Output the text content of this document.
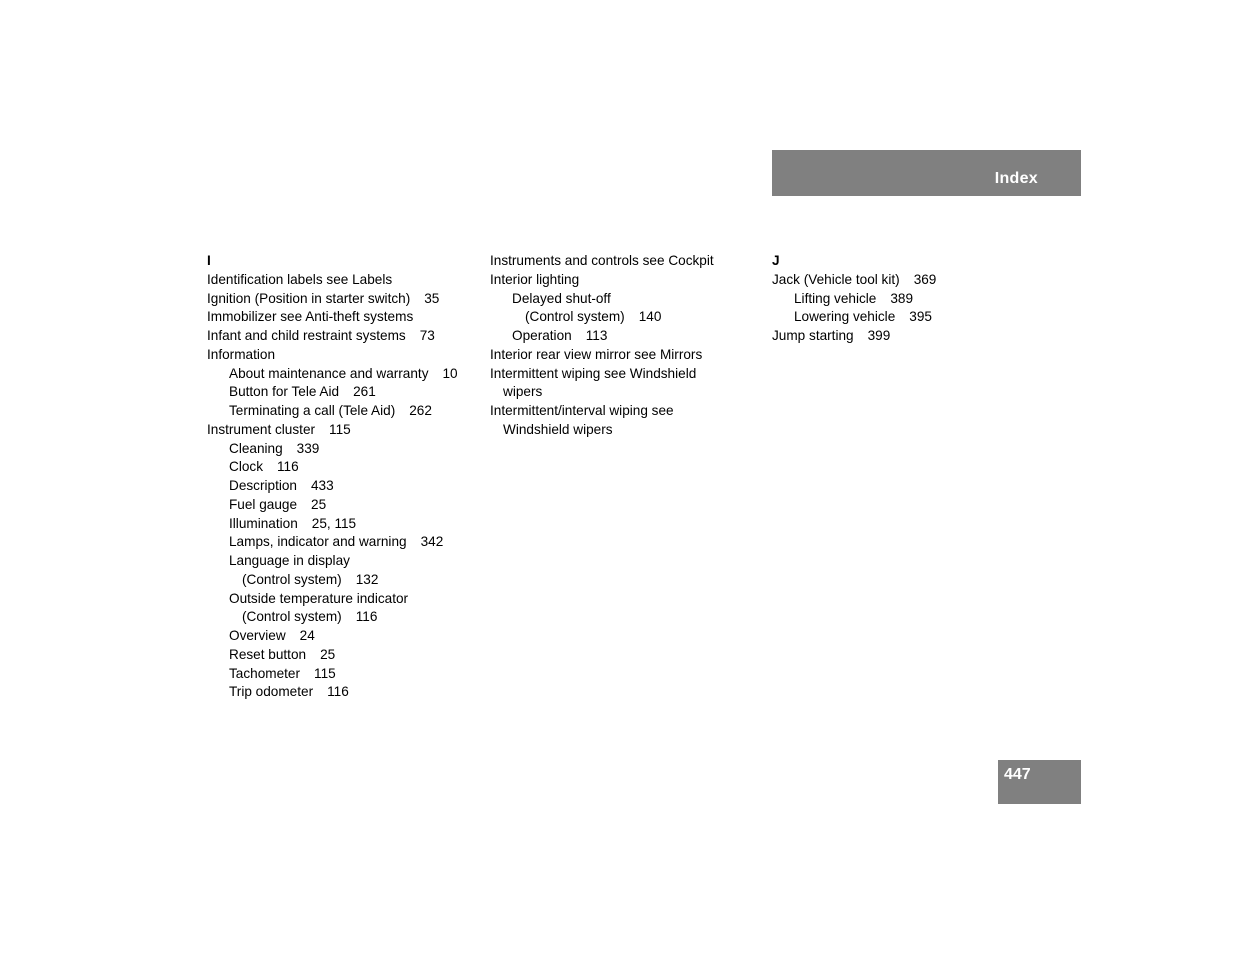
Index
I
Identification labels see Labels
Ignition (Position in starter switch) 35
Immobilizer see Anti-theft systems
Infant and child restraint systems 73
Information
About maintenance and warranty 10
Button for Tele Aid 261
Terminating a call (Tele Aid) 262
Instrument cluster 115
Cleaning 339
Clock 116
Description 433
Fuel gauge 25
Illumination 25, 115
Lamps, indicator and warning 342
Language in display
(Control system) 132
Outside temperature indicator
(Control system) 116
Overview 24
Reset button 25
Tachometer 115
Trip odometer 116
Instruments and controls see Cockpit
Interior lighting
Delayed shut-off
(Control system) 140
Operation 113
Interior rear view mirror see Mirrors
Intermittent wiping see Windshield
wipers
Intermittent/interval wiping see
Windshield wipers
J
Jack (Vehicle tool kit) 369
Lifting vehicle 389
Lowering vehicle 395
Jump starting 399
447
